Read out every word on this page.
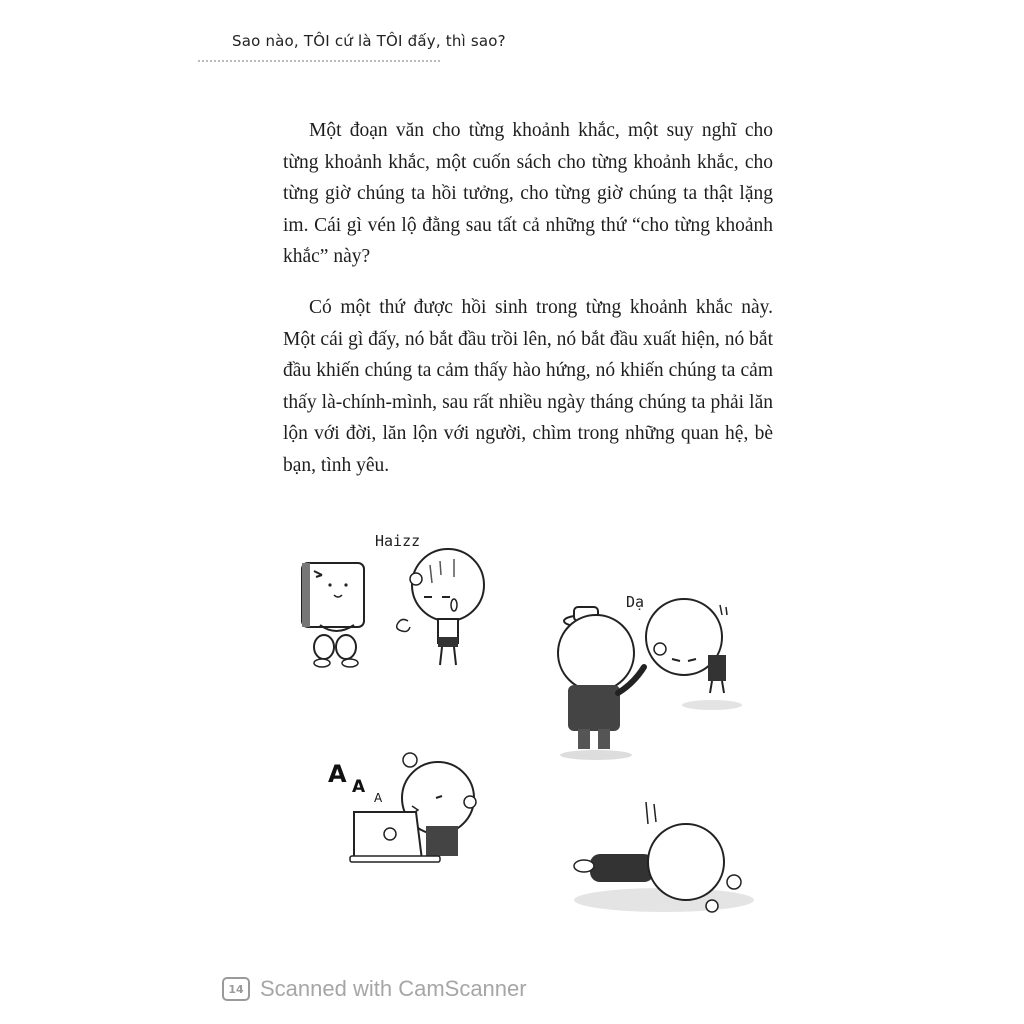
Sao nào, TÔI cứ là TÔI đấy, thì sao?

Một đoạn văn cho từng khoảnh khắc, một suy nghĩ cho từng khoảnh khắc, một cuốn sách cho từng khoảnh khắc, cho từng giờ chúng ta hồi tưởng, cho từng giờ chúng ta thật lặng im. Cái gì vén lộ đằng sau tất cả những thứ “cho từng khoảnh khắc” này?

Có một thứ được hồi sinh trong từng khoảnh khắc này. Một cái gì đấy, nó bắt đầu trồi lên, nó bắt đầu xuất hiện, nó bắt đầu khiến chúng ta cảm thấy hào hứng, nó khiến chúng ta cảm thấy là-chính-mình, sau rất nhiều ngày tháng chúng ta phải lăn lộn với đời, lăn lộn với người, chìm trong những quan hệ, bè bạn, tình yêu.

Haizz
Dạ
A A
A
14 Scanned with CamScanner
